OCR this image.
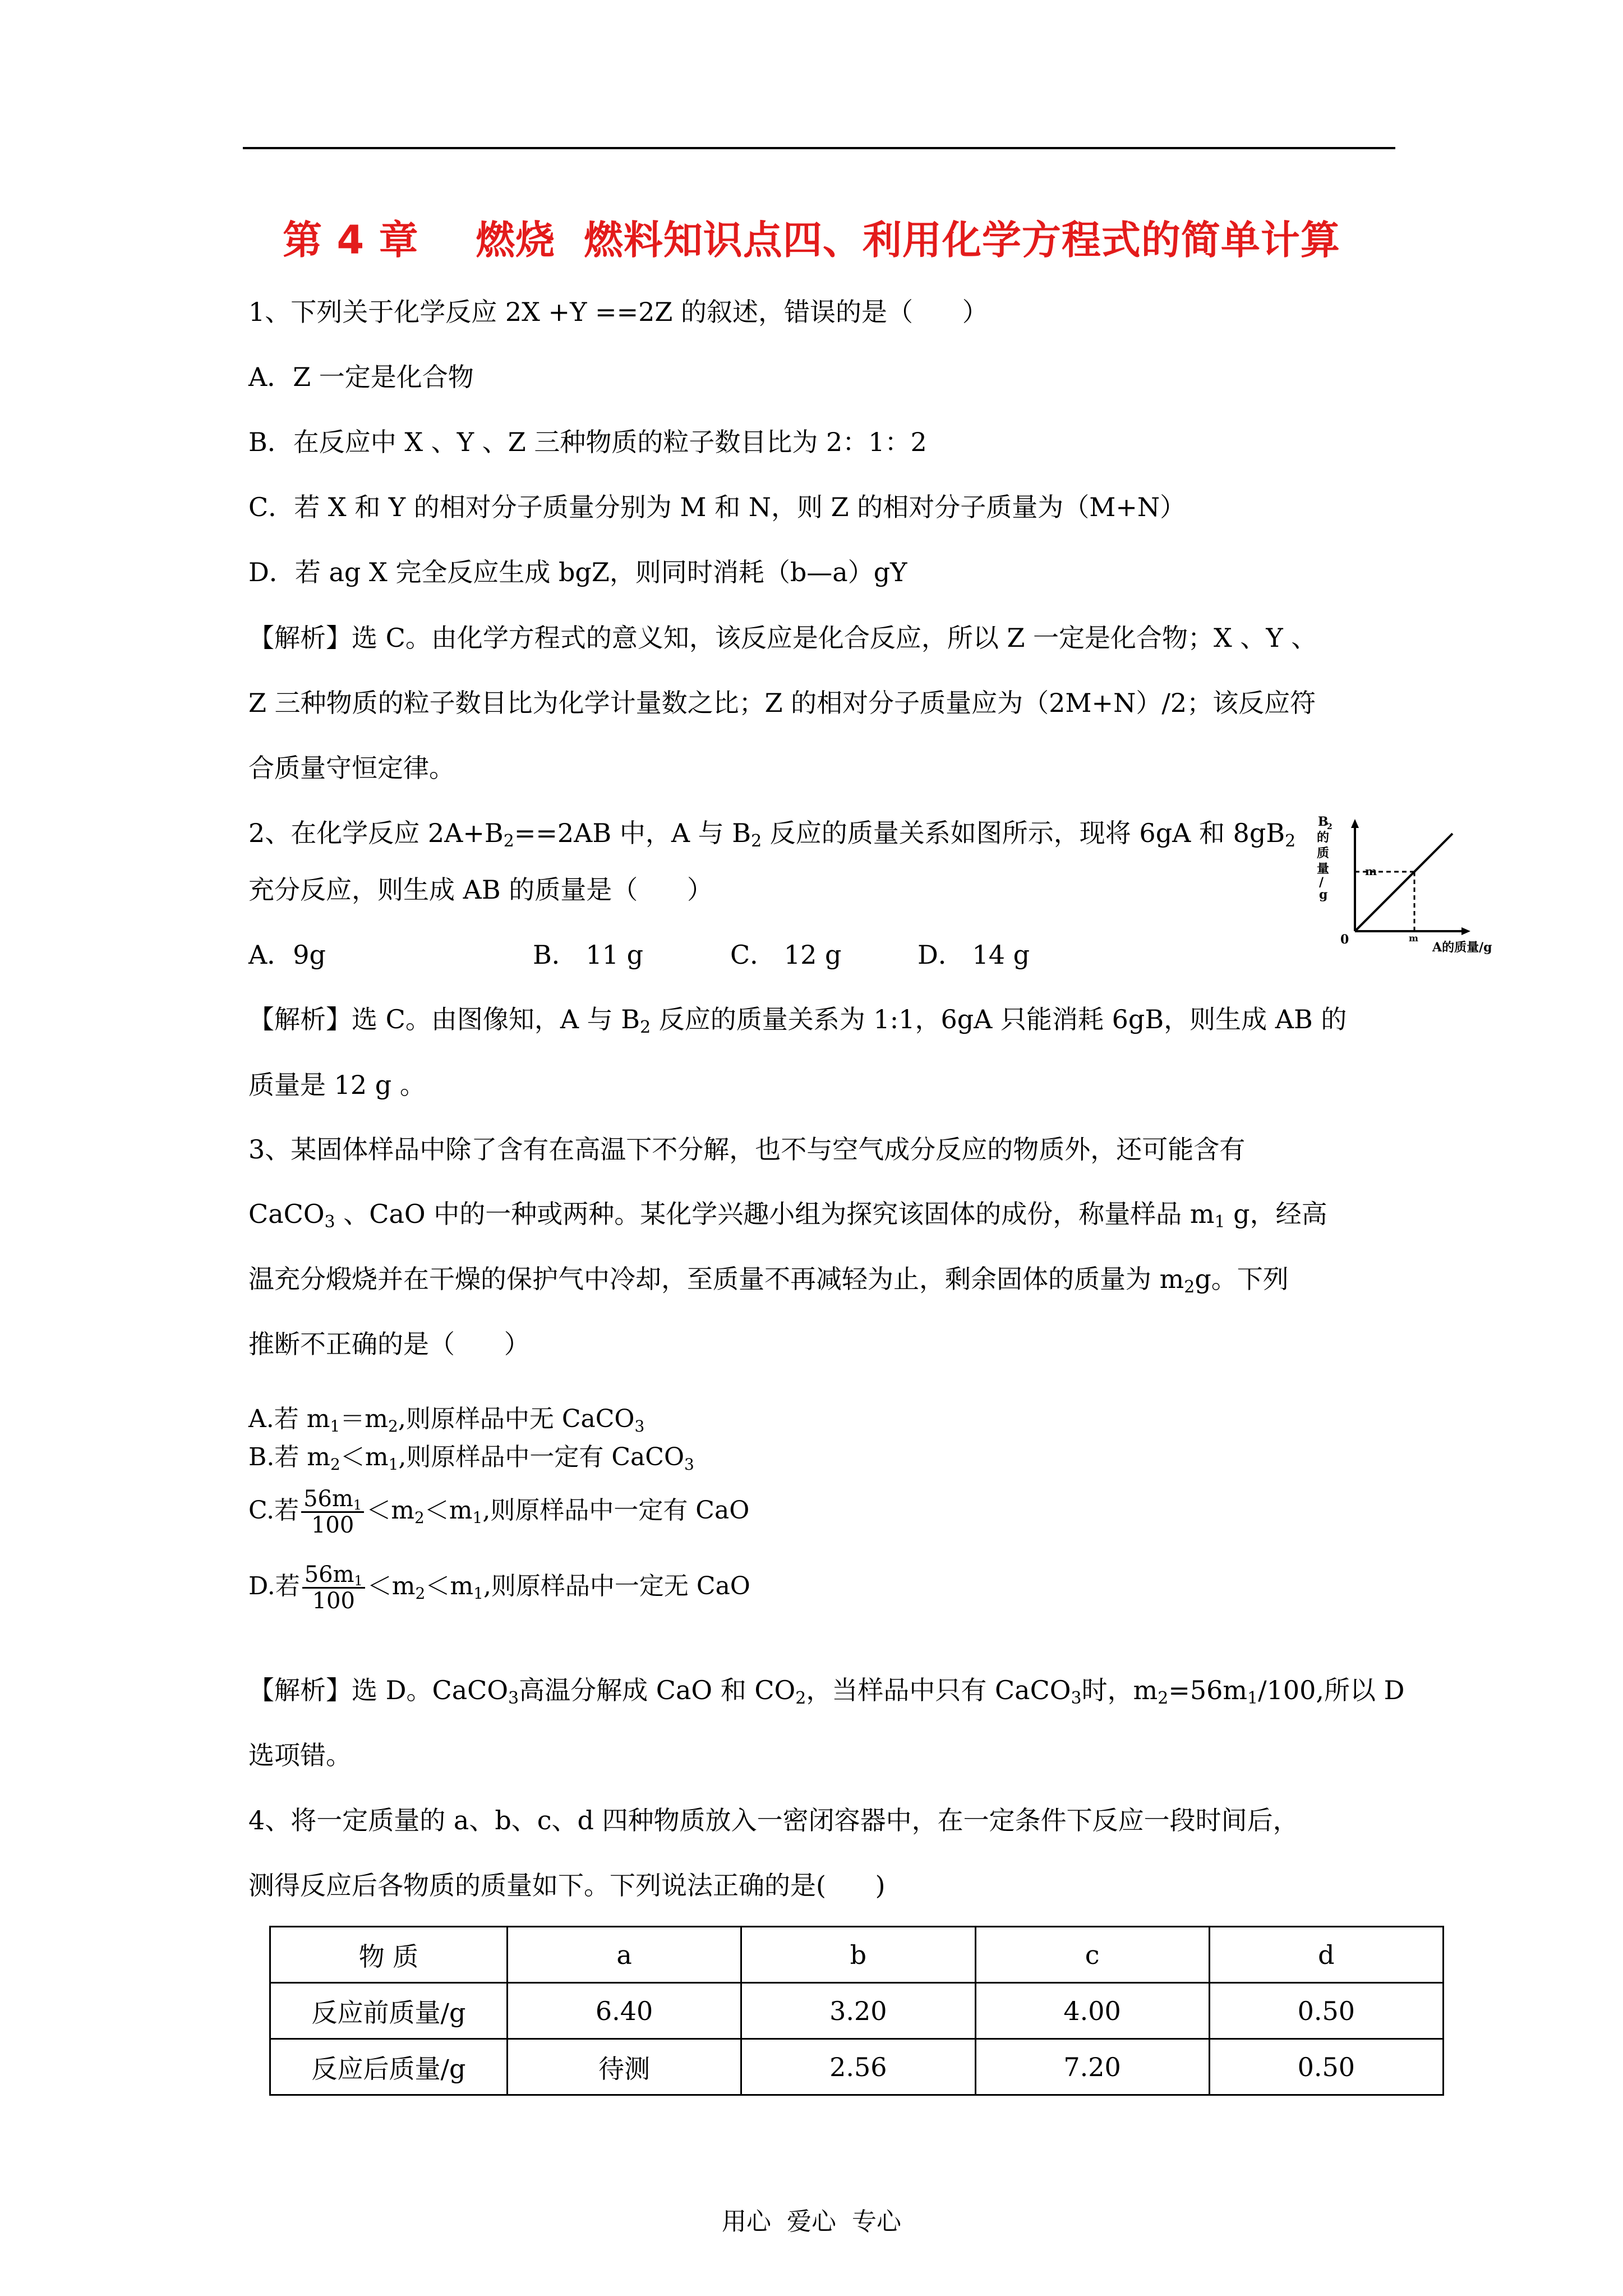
第 4 章    燃烧  燃料知识点四、利用化学方程式的简单计算
1、下列关于化学反应 2X +Y ==2Z 的叙述，错误的是（      ）
A．Z 一定是化合物
B．在反应中 X 、Y 、Z 三种物质的粒子数目比为 2：1：2
C．若 X 和 Y 的相对分子质量分别为 M 和 N，则 Z 的相对分子质量为（M+N）
D．若 ag X 完全反应生成 bgZ，则同时消耗（b—a）gY
【解析】选 C。由化学方程式的意义知，该反应是化合反应，所以 Z 一定是化合物；X 、Y 、
Z 三种物质的粒子数目比为化学计量数之比；Z 的相对分子质量应为（2M+N）/2；该反应符
合质量守恒定律。
2、在化学反应 $2A+B_2==2AB$ 中，A 与 $B_2$ 反应的质量关系如图所示，现将 6gA 和 $8gB_2$
充分反应，则生成 AB 的质量是（      ）
A．9g	B． 11 g	C． 12 g	D． 14 g
【解析】选 C。由图像知，A 与 $B_2$ 反应的质量关系为 1:1，6gA 只能消耗 6gB，则生成 AB 的
质量是 12 g 。
B
2
的
质
量
/
g
m
0	m
A的质量/g
3、某固体样品中除了含有在高温下不分解，也不与空气成分反应的物质外，还可能含有
CaCO$_3$ 、CaO 中的一种或两种。某化学兴趣小组为探究该固体的成份，称量样品 $m_1$ g，经高
温充分煅烧并在干燥的保护气中冷却，至质量不再减轻为止，剩余固体的质量为 $m_2g$。下列
推断不正确的是（      ）
A.若 $m_1=m_2$,则原样品中无 CaCO$_3$
B.若 $m_2<m_1$,则原样品中一定有 CaCO$_3$
C.若 $\frac{56m_1}{100} <m_2<m_1$,则原样品中一定有 CaO
D.若 $\frac{56m_1}{100} <m_2<m_1$,则原样品中一定无 CaO
【解析】选 D。CaCO$_3$高温分解成 CaO 和 $CO_2$，当样品中只有 CaCO$_3$时，$m_2=56m_1/100$,所以 D
选项错。
4、将一定质量的 a、b、c、d 四种物质放入一密闭容器中，在一定条件下反应一段时间后，
测得反应后各物质的质量如下。下列说法正确的是(      )
物 质	a	b	c	d
反应前质量/g	6.40	3.20	4.00	0.50
反应后质量/g	待测	2.56	7.20	0.50
用心  爱心  专心
